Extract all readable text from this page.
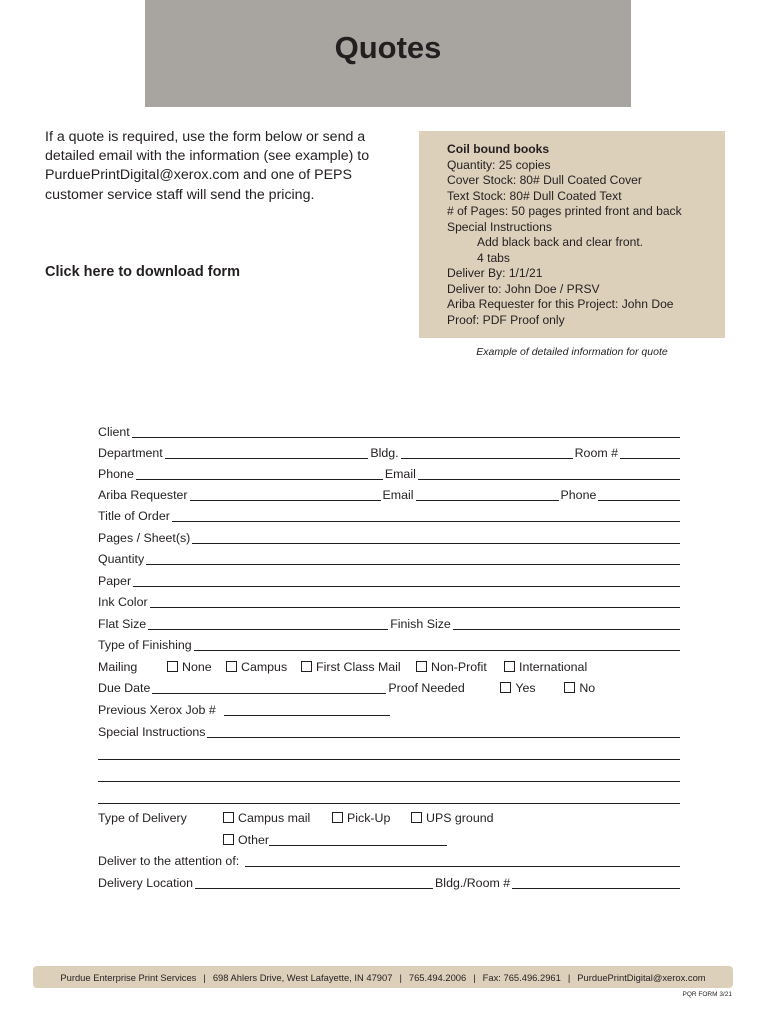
Quotes
If a quote is required, use the form below or send a detailed email with the information (see example) to PurduePrintDigital@xerox.com and one of PEPS customer service staff will send the pricing.
Click here to download form
Coil bound books
Quantity: 25 copies
Cover Stock: 80# Dull Coated Cover
Text Stock: 80# Dull Coated Text
# of Pages: 50 pages printed front and back
Special Instructions
Add black back and clear front.
4 tabs
Deliver By: 1/1/21
Deliver to: John Doe / PRSV
Ariba Requester for this Project: John Doe
Proof: PDF Proof only
Example of detailed information for quote
Client
Department	Bldg.	Room #
Phone	Email
Ariba Requester	Email	Phone
Title of Order
Pages / Sheet(s)
Quantity
Paper
Ink Color
Flat Size	Finish Size
Type of Finishing
Mailing	None Campus First Class Mail Non-Profit	International
Due Date	Proof Needed	Yes	No
Previous Xerox Job #
Special Instructions
Type of Delivery	Campus mail	Pick-Up	UPS ground
Other
Deliver to the attention of:
Delivery Location	Bldg./Room #
Purdue Enterprise Print Services | 698 Ahlers Drive, West Lafayette, IN 47907 | 765.494.2006 | Fax: 765.496.2961 | PurduePrintDigital@xerox.com
PQR FORM 3/21
